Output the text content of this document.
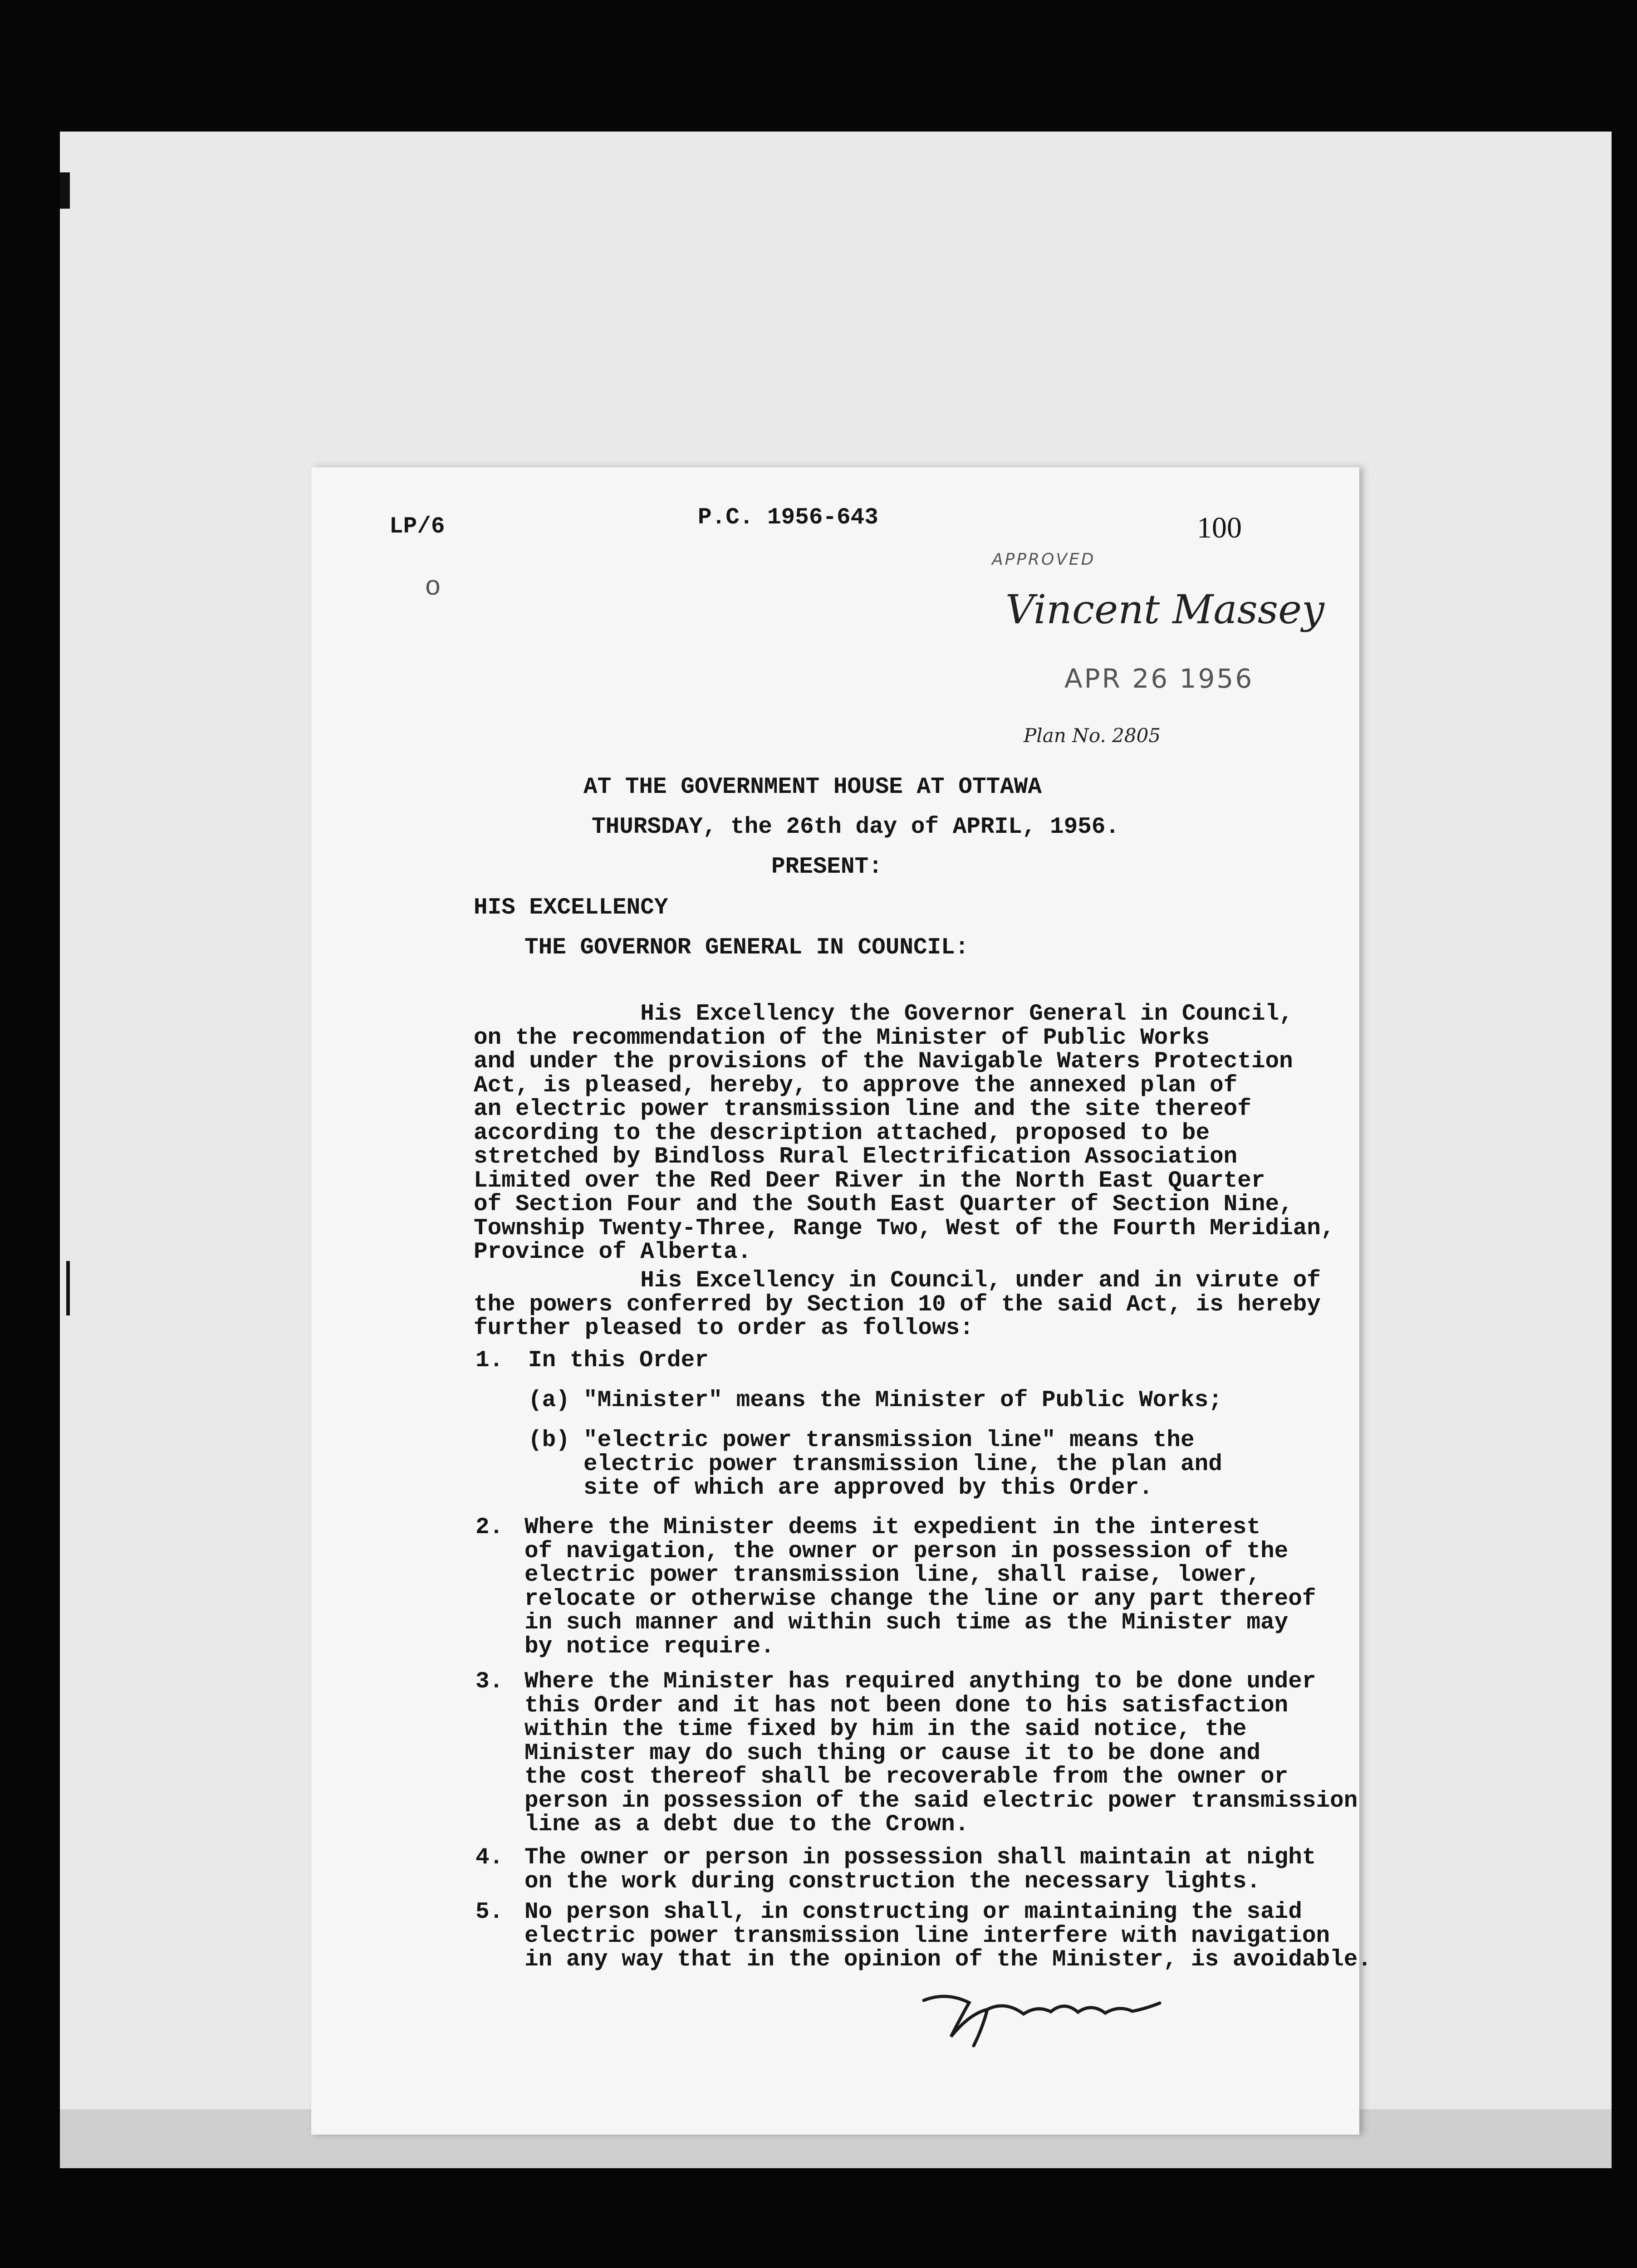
LP/6	P.C. 1956-643	100
o
APPROVED
Vincent Massey
APR 26 1956
Plan No. 2805
AT THE GOVERNMENT HOUSE AT OTTAWA
THURSDAY, the 26th day of APRIL, 1956.
PRESENT:
HIS EXCELLENCY
THE GOVERNOR GENERAL IN COUNCIL:
His Excellency the Governor General in Council,
on the recommendation of the Minister of Public Works
and under the provisions of the Navigable Waters Protection
Act, is pleased, hereby, to approve the annexed plan of
an electric power transmission line and the site thereof
according to the description attached, proposed to be
stretched by Bindloss Rural Electrification Association
Limited over the Red Deer River in the North East Quarter
of Section Four and the South East Quarter of Section Nine,
Township Twenty-Three, Range Two, West of the Fourth Meridian,
Province of Alberta.
His Excellency in Council, under and in virute of
the powers conferred by Section 10 of the said Act, is hereby
further pleased to order as follows:
1. In this Order
(a) "Minister" means the Minister of Public Works;
(b) "electric power transmission line" means the
electric power transmission line, the plan and
site of which are approved by this Order.
2. Where the Minister deems it expedient in the interest
of navigation, the owner or person in possession of the
electric power transmission line, shall raise, lower,
relocate or otherwise change the line or any part thereof
in such manner and within such time as the Minister may
by notice require.
3. Where the Minister has required anything to be done under
this Order and it has not been done to his satisfaction
within the time fixed by him in the said notice, the
Minister may do such thing or cause it to be done and
the cost thereof shall be recoverable from the owner or
person in possession of the said electric power transmission
line as a debt due to the Crown.
4. The owner or person in possession shall maintain at night
on the work during construction the necessary lights.
5. No person shall, in constructing or maintaining the said
electric power transmission line interfere with navigation
in any way that in the opinion of the Minister, is avoidable.
